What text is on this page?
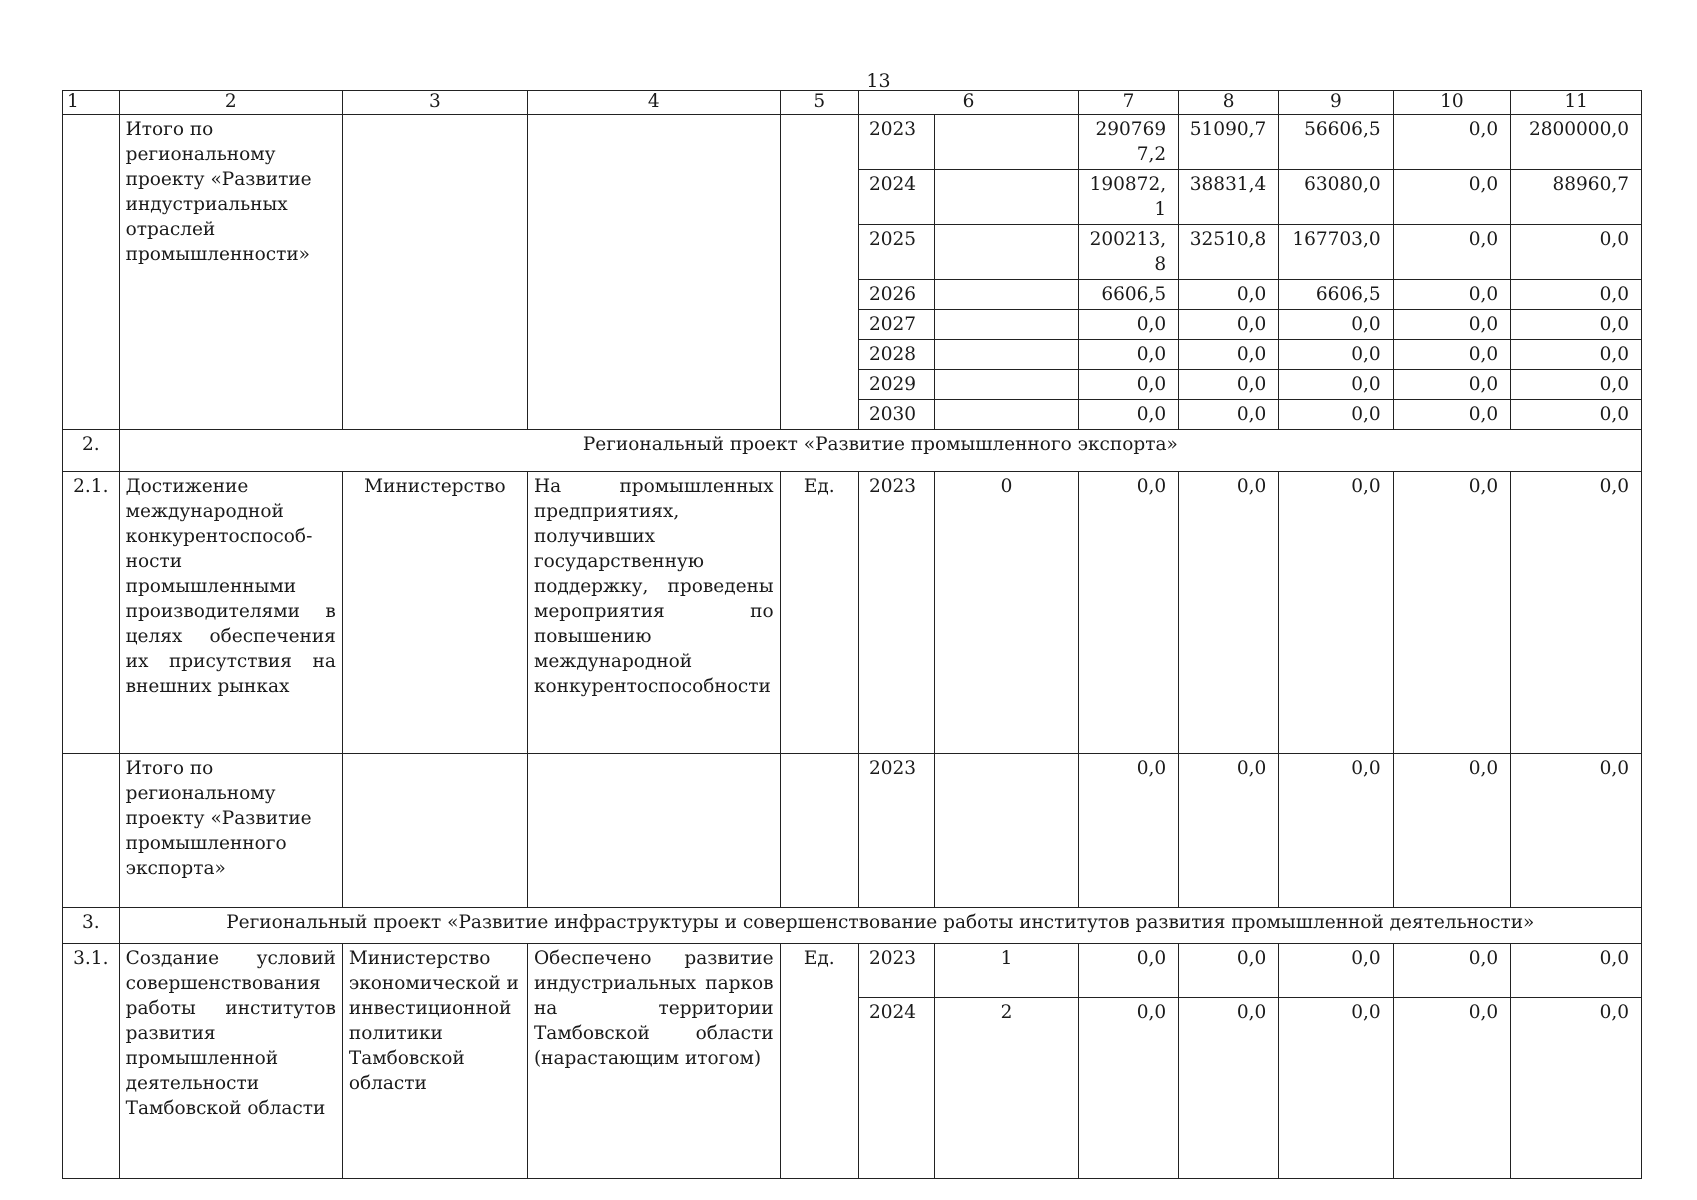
13
1	2	3	4	5	6		7	8	9	10	11
	Итого по региональному проекту «Развитие индустриальных отраслей промышленности»				2023		2907697,2	51090,7	56606,5	0,0	2800000,0
					2024		190872,1	38831,4	63080,0	0,0	88960,7
					2025		200213,8	32510,8	167703,0	0,0	0,0
					2026		6606,5	0,0	6606,5	0,0	0,0
					2027		0,0	0,0	0,0	0,0	0,0
					2028		0,0	0,0	0,0	0,0	0,0
					2029		0,0	0,0	0,0	0,0	0,0
					2030		0,0	0,0	0,0	0,0	0,0
2.	Региональный проект «Развитие промышленного экспорта»										
2.1.	Достижение международной конкурентоспособ-ности промышленными производителями в целях обеспечения их присутствия на внешних рынках	Министерство	На промышленных предприятиях, получивших государственную поддержку, проведены мероприятия по повышению международной конкурентоспособности	Ед.	2023	0	0,0	0,0	0,0	0,0	0,0
	Итого по региональному проекту «Развитие промышленного экспорта»				2023		0,0	0,0	0,0	0,0	0,0
3.	Региональный проект «Развитие инфраструктуры и совершенствование работы институтов развития промышленной деятельности»										
3.1.	Создание условий совершенствования работы институтов развития промышленной деятельности Тамбовской области	Министерство экономической и инвестиционной политики Тамбовской области	Обеспечено развитие индустриальных парков на территории Тамбовской области (нарастающим итогом)	Ед.	2023	1	0,0	0,0	0,0	0,0	0,0
					2024	2	0,0	0,0	0,0	0,0	0,0
